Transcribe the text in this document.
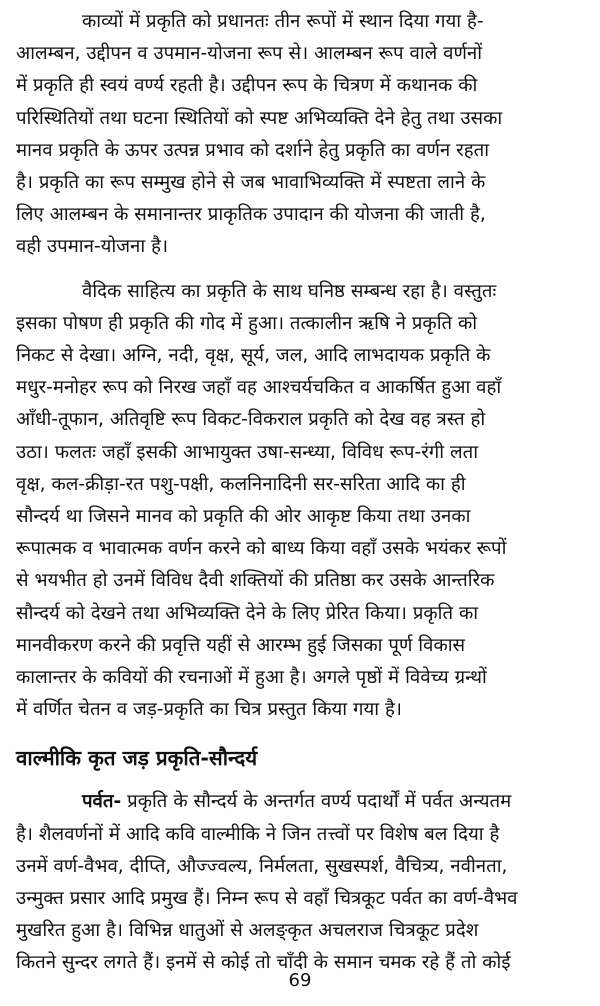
काव्यों में प्रकृति को प्रधानतः तीन रूपों में स्थान दिया गया है-
आलम्बन, उद्दीपन व उपमान-योजना रूप से। आलम्बन रूप वाले वर्णनों
में प्रकृति ही स्वयं वर्ण्य रहती है। उद्दीपन रूप के चित्रण में कथानक की
परिस्थितियों तथा घटना स्थितियों को स्पष्ट अभिव्यक्ति देने हेतु तथा उसका
मानव प्रकृति के ऊपर उत्पन्न प्रभाव को दर्शाने हेतु प्रकृति का वर्णन रहता
है। प्रकृति का रूप सम्मुख होने से जब भावाभिव्यक्ति में स्पष्टता लाने के
लिए आलम्बन के समानान्तर प्राकृतिक उपादान की योजना की जाती है,
वही उपमान-योजना है।
वैदिक साहित्य का प्रकृति के साथ घनिष्ठ सम्बन्ध रहा है। वस्तुतः
इसका पोषण ही प्रकृति की गोद में हुआ। तत्कालीन ऋषि ने प्रकृति को
निकट से देखा। अग्नि, नदी, वृक्ष, सूर्य, जल, आदि लाभदायक प्रकृति के
मधुर-मनोहर रूप को निरख जहाँ वह आश्चर्यचकित व आकर्षित हुआ वहाँ
आँधी-तूफान, अतिवृष्टि रूप विकट-विकराल प्रकृति को देख वह त्रस्त हो
उठा। फलतः जहाँ इसकी आभायुक्त उषा-सन्ध्या, विविध रूप-रंगी लता
वृक्ष, कल-क्रीड़ा-रत पशु-पक्षी, कलनिनादिनी सर-सरिता आदि का ही
सौन्दर्य था जिसने मानव को प्रकृति की ओर आकृष्ट किया तथा उनका
रूपात्मक व भावात्मक वर्णन करने को बाध्य किया वहाँ उसके भयंकर रूपों
से भयभीत हो उनमें विविध दैवी शक्तियों की प्रतिष्ठा कर उसके आन्तरिक
सौन्दर्य को देखने तथा अभिव्यक्ति देने के लिए प्रेरित किया। प्रकृति का
मानवीकरण करने की प्रवृत्ति यहीं से आरम्भ हुई जिसका पूर्ण विकास
कालान्तर के कवियों की रचनाओं में हुआ है। अगले पृष्ठों में विवेच्य ग्रन्थों
में वर्णित चेतन व जड़-प्रकृति का चित्र प्रस्तुत किया गया है।
वाल्मीकि कृत जड़ प्रकृति-सौन्दर्य
पर्वत- प्रकृति के सौन्दर्य के अन्तर्गत वर्ण्य पदार्थों में पर्वत अन्यतम
है। शैलवर्णनों में आदि कवि वाल्मीकि ने जिन तत्त्वों पर विशेष बल दिया है
उनमें वर्ण-वैभव, दीप्ति, औज्ज्वल्य, निर्मलता, सुखस्पर्श, वैचित्र्य, नवीनता,
उन्मुक्त प्रसार आदि प्रमुख हैं। निम्न रूप से वहाँ चित्रकूट पर्वत का वर्ण-वैभव
मुखरित हुआ है। विभिन्न धातुओं से अलङ्कृत अचलराज चित्रकूट प्रदेश
कितने सुन्दर लगते हैं। इनमें से कोई तो चाँदी के समान चमक रहे हैं तो कोई
69
